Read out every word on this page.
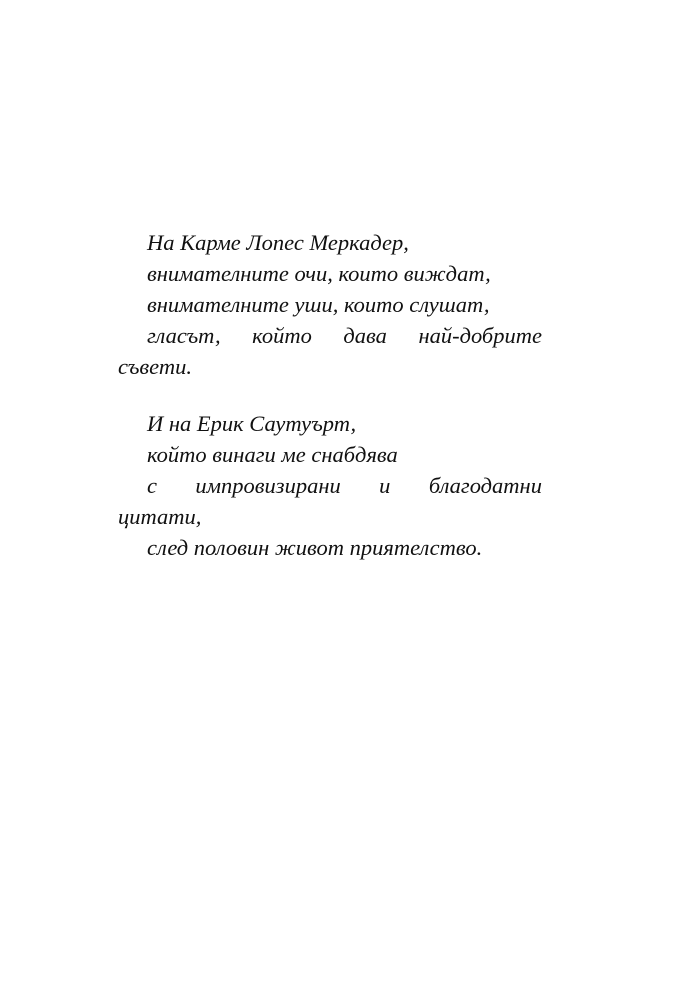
На Карме Лопес Меркадер,
внимателните очи, които виждат,
внимателните уши, които слушат,
гласът, който дава най-добрите
съвети.
И на Ерик Саутуърт,
който винаги ме снабдява
с импровизирани и благодатни
цитати,
след половин живот приятелство.
